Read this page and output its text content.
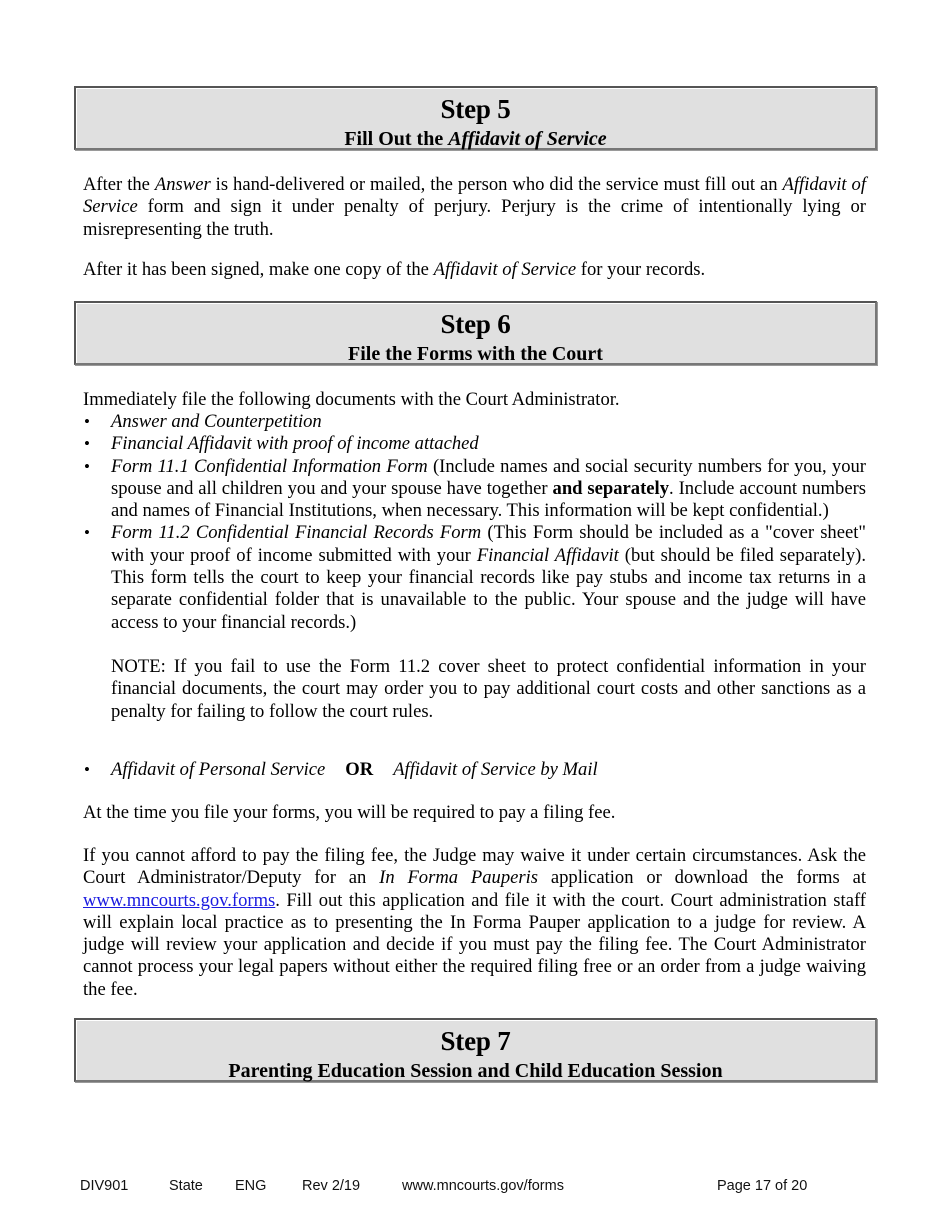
Step 5
Fill Out the Affidavit of Service
After the Answer is hand-delivered or mailed, the person who did the service must fill out an Affidavit of Service form and sign it under penalty of perjury. Perjury is the crime of intentionally lying or misrepresenting the truth.
After it has been signed, make one copy of the Affidavit of Service for your records.
Step 6
File the Forms with the Court
Immediately file the following documents with the Court Administrator.
•	Answer and Counterpetition
•	Financial Affidavit with proof of income attached
•	Form 11.1 Confidential Information Form (Include names and social security numbers for you, your spouse and all children you and your spouse have together and separately. Include account numbers and names of Financial Institutions, when necessary. This information will be kept confidential.)
•	Form 11.2 Confidential Financial Records Form (This Form should be included as a "cover sheet" with your proof of income submitted with your Financial Affidavit (but should be filed separately). This form tells the court to keep your financial records like pay stubs and income tax returns in a separate confidential folder that is unavailable to the public. Your spouse and the judge will have access to your financial records.)
NOTE: If you fail to use the Form 11.2 cover sheet to protect confidential information in your financial documents, the court may order you to pay additional court costs and other sanctions as a penalty for failing to follow the court rules.
•	Affidavit of Personal Service OR Affidavit of Service by Mail
At the time you file your forms, you will be required to pay a filing fee.
If you cannot afford to pay the filing fee, the Judge may waive it under certain circumstances. Ask the Court Administrator/Deputy for an In Forma Pauperis application or download the forms at www.mncourts.gov.forms. Fill out this application and file it with the court. Court administration staff will explain local practice as to presenting the In Forma Pauper application to a judge for review. A judge will review your application and decide if you must pay the filing fee. The Court Administrator cannot process your legal papers without either the required filing free or an order from a judge waiving the fee.
Step 7
Parenting Education Session and Child Education Session
DIV901	State ENG Rev 2/19	www.mncourts.gov/forms	Page 17 of 20
